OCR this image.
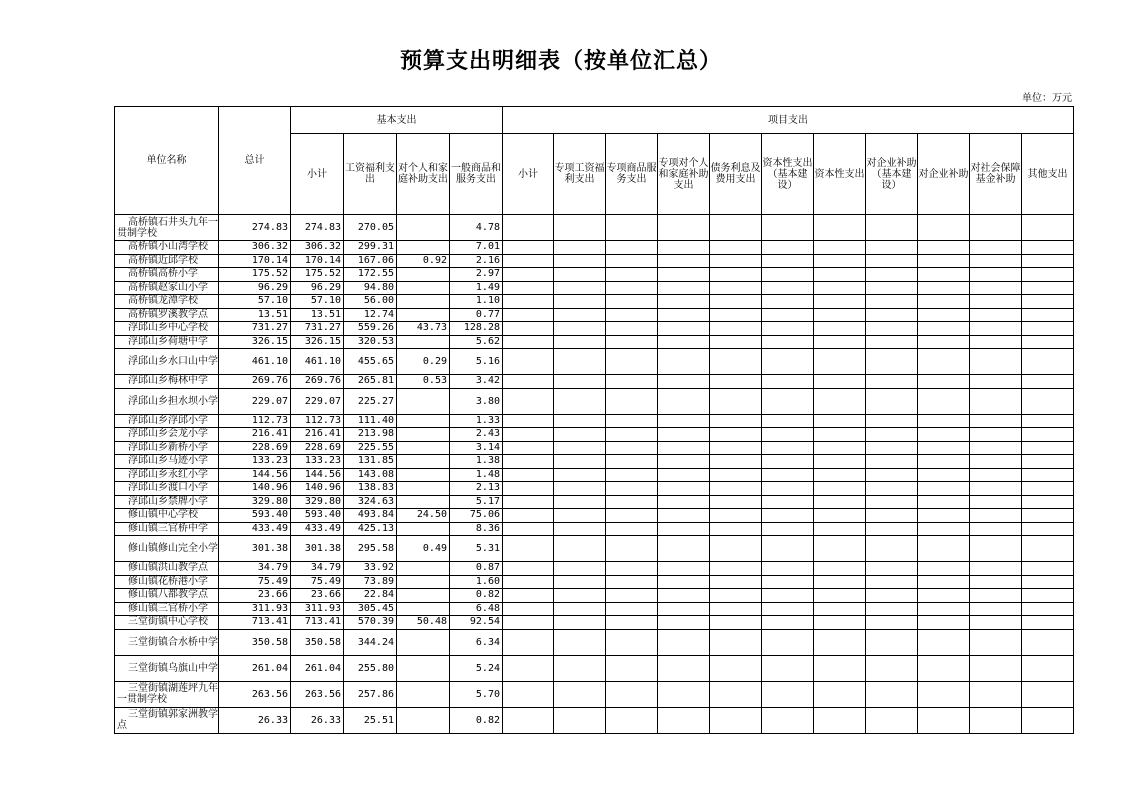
预算支出明细表（按单位汇总）
单位：万元
单位名称	总计	基本支出				项目支出										
		小计	工资福利支出	对个人和家庭补助支出	一般商品和服务支出	小计	专项工资福利支出	专项商品服务支出	专项对个人和家庭补助支出	债务利息及费用支出	资本性支出（基本建设）	资本性支出	对企业补助（基本建设）	对企业补助	对社会保障基金补助	其他支出
高桥镇石井头九年一贯制学校	274.83	274.83	270.05		4.78											
高桥镇小山湾学校	306.32	306.32	299.31		7.01											
高桥镇近邱学校	170.14	170.14	167.06	0.92	2.16											
高桥镇高桥小学	175.52	175.52	172.55		2.97											
高桥镇赵家山小学	96.29	96.29	94.80		1.49											
高桥镇龙潭学校	57.10	57.10	56.00		1.10											
高桥镇罗溪教学点	13.51	13.51	12.74		0.77											
浮邱山乡中心学校	731.27	731.27	559.26	43.73	128.28											
浮邱山乡荷塘中学	326.15	326.15	320.53		5.62											
浮邱山乡水口山中学	461.10	461.10	455.65	0.29	5.16											
浮邱山乡梅林中学	269.76	269.76	265.81	0.53	3.42											
浮邱山乡担水坝小学	229.07	229.07	225.27		3.80											
浮邱山乡浮邱小学	112.73	112.73	111.40		1.33											
浮邱山乡会龙小学	216.41	216.41	213.98		2.43											
浮邱山乡新桥小学	228.69	228.69	225.55		3.14											
浮邱山乡马迹小学	133.23	133.23	131.85		1.38											
浮邱山乡永红小学	144.56	144.56	143.08		1.48											
浮邱山乡渡口小学	140.96	140.96	138.83		2.13											
浮邱山乡禁牌小学	329.80	329.80	324.63		5.17											
修山镇中心学校	593.40	593.40	493.84	24.50	75.06											
修山镇三官桥中学	433.49	433.49	425.13		8.36											
修山镇修山完全小学	301.38	301.38	295.58	0.49	5.31											
修山镇洪山教学点	34.79	34.79	33.92		0.87											
修山镇花桥港小学	75.49	75.49	73.89		1.60											
修山镇八都教学点	23.66	23.66	22.84		0.82											
修山镇三官桥小学	311.93	311.93	305.45		6.48											
三堂街镇中心学校	713.41	713.41	570.39	50.48	92.54											
三堂街镇合水桥中学	350.58	350.58	344.24		6.34											
三堂街镇乌旗山中学	261.04	261.04	255.80		5.24											
三堂街镇湖莲坪九年一贯制学校	263.56	263.56	257.86		5.70											
三堂街镇郭家洲教学点	26.33	26.33	25.51		0.82											
